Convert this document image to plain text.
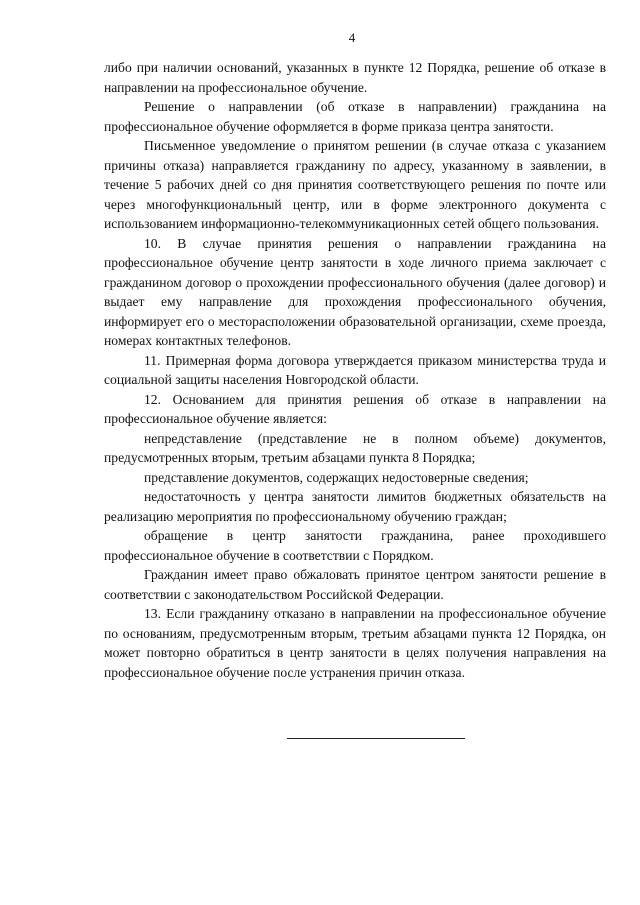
4

либо при наличии оснований, указанных в пункте 12 Порядка, решение об отказе в направлении на профессиональное обучение.

Решение о направлении (об отказе в направлении) гражданина на профессиональное обучение оформляется в форме приказа центра занятости.

Письменное уведомление о принятом решении (в случае отказа с указанием причины отказа) направляется гражданину по адресу, указанному в заявлении, в течение 5 рабочих дней со дня принятия соответствующего решения по почте или через многофункциональный центр, или в форме электронного документа с использованием информационно-телекоммуникационных сетей общего пользования.

10. В случае принятия решения о направлении гражданина на профессиональное обучение центр занятости в ходе личного приема заключает с гражданином договор о прохождении профессионального обучения (далее договор) и выдает ему направление для прохождения профессионального обучения, информирует его о месторасположении образовательной организации, схеме проезда, номерах контактных телефонов.

11. Примерная форма договора утверждается приказом министерства труда и социальной защиты населения Новгородской области.

12. Основанием для принятия решения об отказе в направлении на профессиональное обучение является:

непредставление (представление не в полном объеме) документов, предусмотренных вторым, третьим абзацами пункта 8 Порядка;

представление документов, содержащих недостоверные сведения;

недостаточность у центра занятости лимитов бюджетных обязательств на реализацию мероприятия по профессиональному обучению граждан;

обращение в центр занятости гражданина, ранее проходившего профессиональное обучение в соответствии с Порядком.

Гражданин имеет право обжаловать принятое центром занятости решение в соответствии с законодательством Российской Федерации.

13. Если гражданину отказано в направлении на профессиональное обучение по основаниям, предусмотренным вторым, третьим абзацами пункта 12 Порядка, он может повторно обратиться в центр занятости в целях получения направления на профессиональное обучение после устранения причин отказа.
